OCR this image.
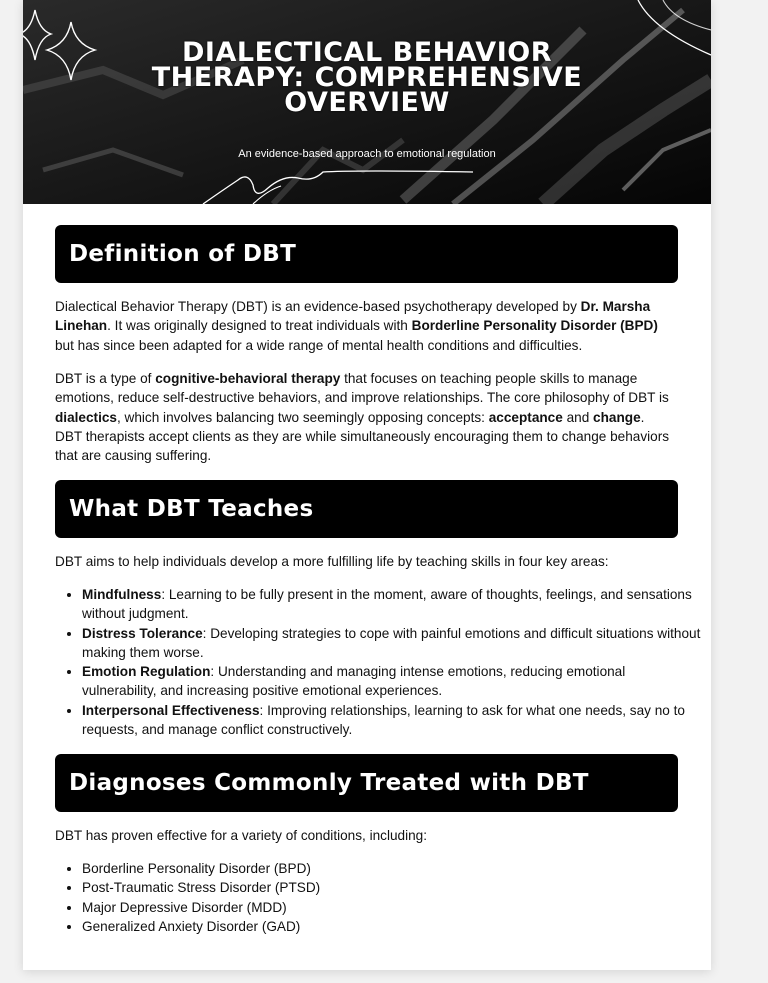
DIALECTICAL BEHAVIOR THERAPY: COMPREHENSIVE OVERVIEW
An evidence-based approach to emotional regulation
Definition of DBT

Dialectical Behavior Therapy (DBT) is an evidence-based psychotherapy developed by Dr. Marsha Linehan. It was originally designed to treat individuals with Borderline Personality Disorder (BPD) but has since been adapted for a wide range of mental health conditions and difficulties.

DBT is a type of cognitive-behavioral therapy that focuses on teaching people skills to manage emotions, reduce self-destructive behaviors, and improve relationships. The core philosophy of DBT is dialectics, which involves balancing two seemingly opposing concepts: acceptance and change. DBT therapists accept clients as they are while simultaneously encouraging them to change behaviors that are causing suffering.

What DBT Teaches

DBT aims to help individuals develop a more fulfilling life by teaching skills in four key areas:

• Mindfulness: Learning to be fully present in the moment, aware of thoughts, feelings, and sensations without judgment.
• Distress Tolerance: Developing strategies to cope with painful emotions and difficult situations without making them worse.
• Emotion Regulation: Understanding and managing intense emotions, reducing emotional vulnerability, and increasing positive emotional experiences.
• Interpersonal Effectiveness: Improving relationships, learning to ask for what one needs, say no to requests, and manage conflict constructively.
Diagnoses Commonly Treated with DBT

DBT has proven effective for a variety of conditions, including:

• Borderline Personality Disorder (BPD)
• Post-Traumatic Stress Disorder (PTSD)
• Major Depressive Disorder (MDD)
• Generalized Anxiety Disorder (GAD)
